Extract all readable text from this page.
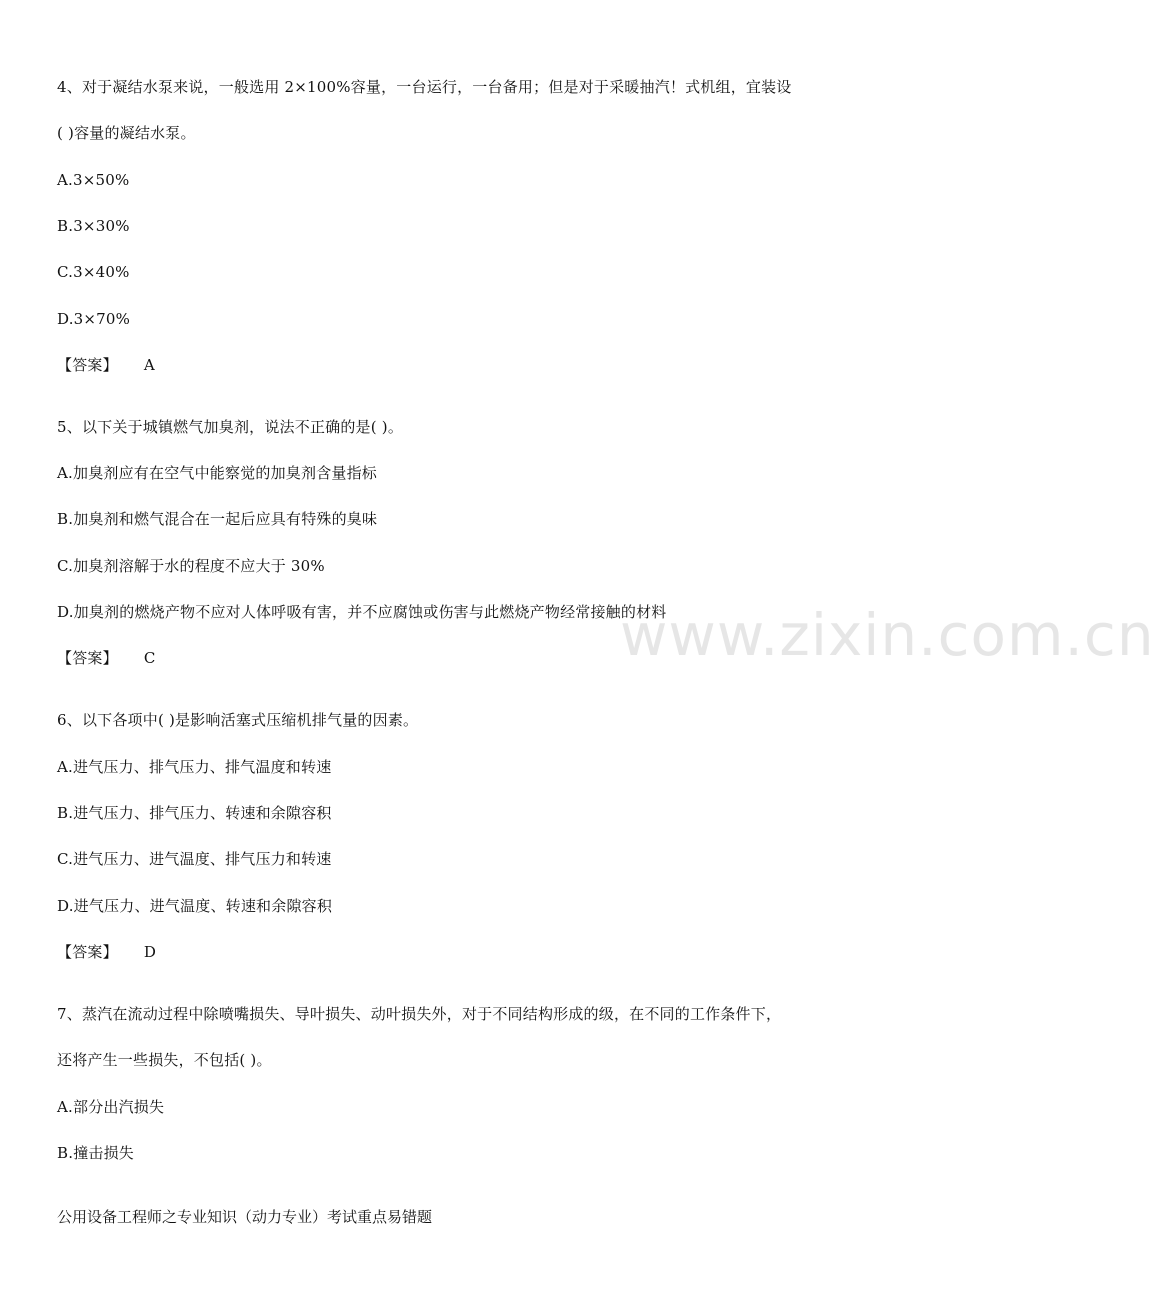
www.zixin.com.cn
4、对于凝结水泵来说，一般选用 2×100%容量，一台运行，一台备用；但是对于采暖抽汽！式机组，宜装设
( )容量的凝结水泵。
A.3×50%
B.3×30%
C.3×40%
D.3×70%
【答案】 A
5、以下关于城镇燃气加臭剂，说法不正确的是( )。
A.加臭剂应有在空气中能察觉的加臭剂含量指标
B.加臭剂和燃气混合在一起后应具有特殊的臭味
C.加臭剂溶解于水的程度不应大于 30%
D.加臭剂的燃烧产物不应对人体呼吸有害，并不应腐蚀或伤害与此燃烧产物经常接触的材料
【答案】 C
6、以下各项中( )是影响活塞式压缩机排气量的因素。
A.进气压力、排气压力、排气温度和转速
B.进气压力、排气压力、转速和余隙容积
C.进气压力、进气温度、排气压力和转速
D.进气压力、进气温度、转速和余隙容积
【答案】 D
7、蒸汽在流动过程中除喷嘴损失、导叶损失、动叶损失外，对于不同结构形成的级，在不同的工作条件下，
还将产生一些损失，不包括( )。
A.部分出汽损失
B.撞击损失
公用设备工程师之专业知识（动力专业）考试重点易错题
